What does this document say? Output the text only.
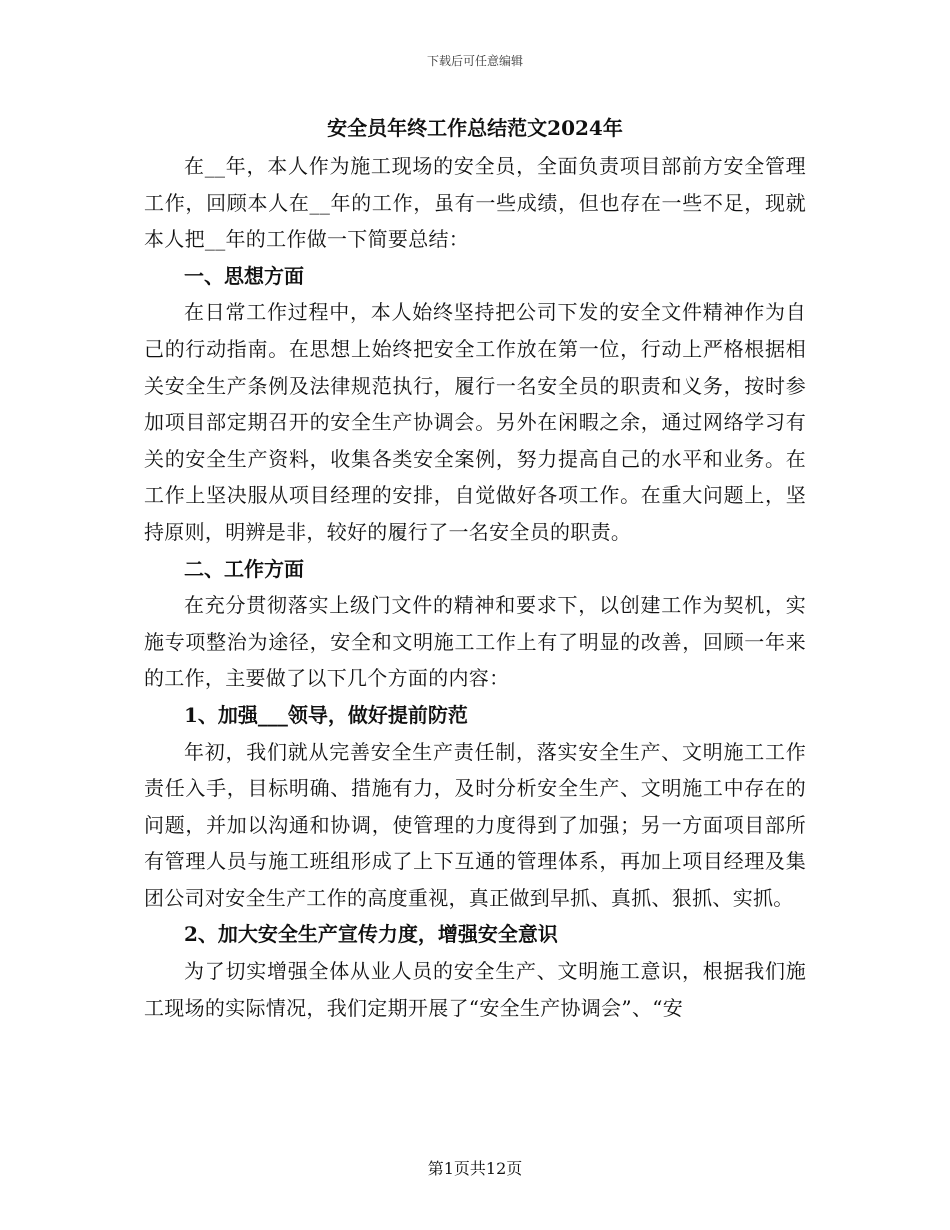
下载后可任意编辑
安全员年终工作总结范文2024年

在__年，本人作为施工现场的安全员，全面负责项目部前方安全管理工作，回顾本人在__年的工作，虽有一些成绩，但也存在一些不足，现就本人把__年的工作做一下简要总结：

一、思想方面

在日常工作过程中，本人始终坚持把公司下发的安全文件精神作为自己的行动指南。在思想上始终把安全工作放在第一位，行动上严格根据相关安全生产条例及法律规范执行，履行一名安全员的职责和义务，按时参加项目部定期召开的安全生产协调会。另外在闲暇之余，通过网络学习有关的安全生产资料，收集各类安全案例，努力提高自己的水平和业务。在工作上坚决服从项目经理的安排，自觉做好各项工作。在重大问题上，坚持原则，明辨是非，较好的履行了一名安全员的职责。

二、工作方面

在充分贯彻落实上级门文件的精神和要求下，以创建工作为契机，实施专项整治为途径，安全和文明施工工作上有了明显的改善，回顾一年来的工作，主要做了以下几个方面的内容：

1、加强___领导，做好提前防范

年初，我们就从完善安全生产责任制，落实安全生产、文明施工工作责任入手，目标明确、措施有力，及时分析安全生产、文明施工中存在的问题，并加以沟通和协调，使管理的力度得到了加强；另一方面项目部所有管理人员与施工班组形成了上下互通的管理体系，再加上项目经理及集团公司对安全生产工作的高度重视，真正做到早抓、真抓、狠抓、实抓。

2、加大安全生产宣传力度，增强安全意识

为了切实增强全体从业人员的安全生产、文明施工意识，根据我们施工现场的实际情况，我们定期开展了“安全生产协调会”、“安

第1页共12页
